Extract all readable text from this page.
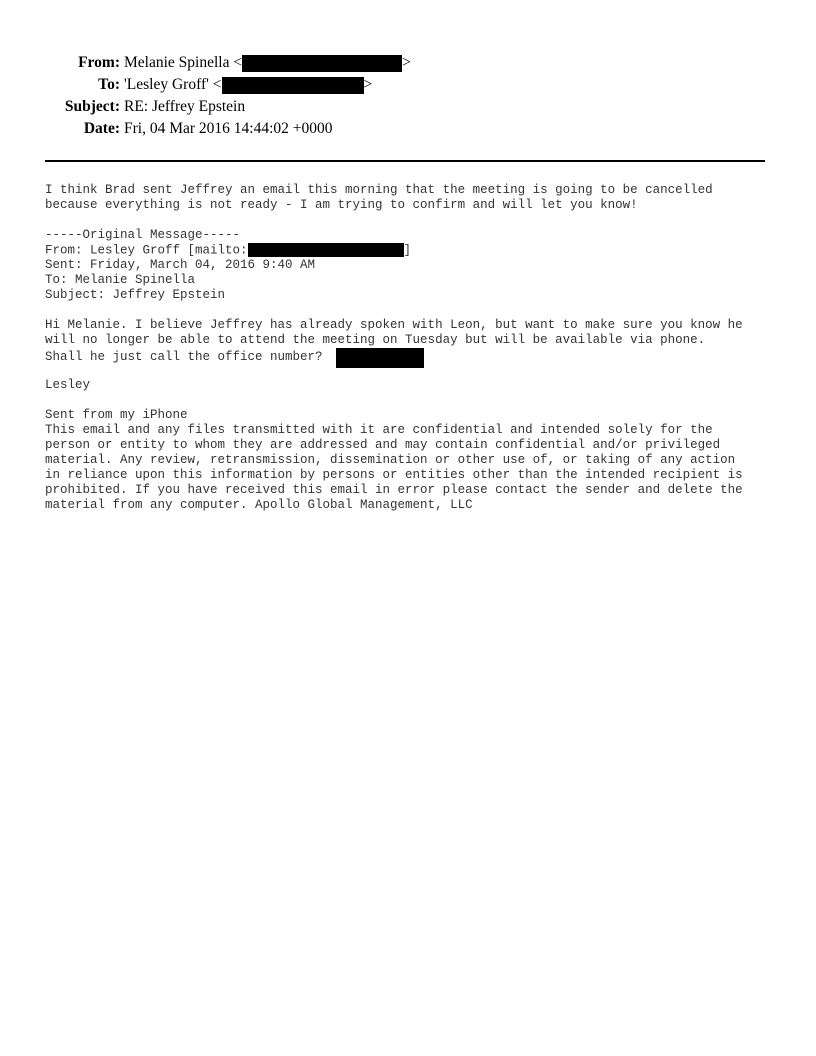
From: Melanie Spinella <	>
To: 'Lesley Groff' <	>
Subject: RE: Jeffrey Epstein
Date: Fri, 04 Mar 2016 14:44:02 +0000
I think Brad sent Jeffrey an email this morning that the meeting is going to be cancelled
because everything is not ready - I am trying to confirm and will let you know!
-----Original Message-----
From: Lesley Groff [mailto:	]
Sent: Friday, March 04, 2016 9:40 AM
To: Melanie Spinella
Subject: Jeffrey Epstein
Hi Melanie. I believe Jeffrey has already spoken with Leon, but want to make sure you know he
will no longer be able to attend the meeting on Tuesday but will be available via phone.
Shall he just call the office number?
Lesley
Sent from my iPhone
This email and any files transmitted with it are confidential and intended solely for the
person or entity to whom they are addressed and may contain confidential and/or privileged
material. Any review, retransmission, dissemination or other use of, or taking of any action
in reliance upon this information by persons or entities other than the intended recipient is
prohibited. If you have received this email in error please contact the sender and delete the
material from any computer. Apollo Global Management, LLC
